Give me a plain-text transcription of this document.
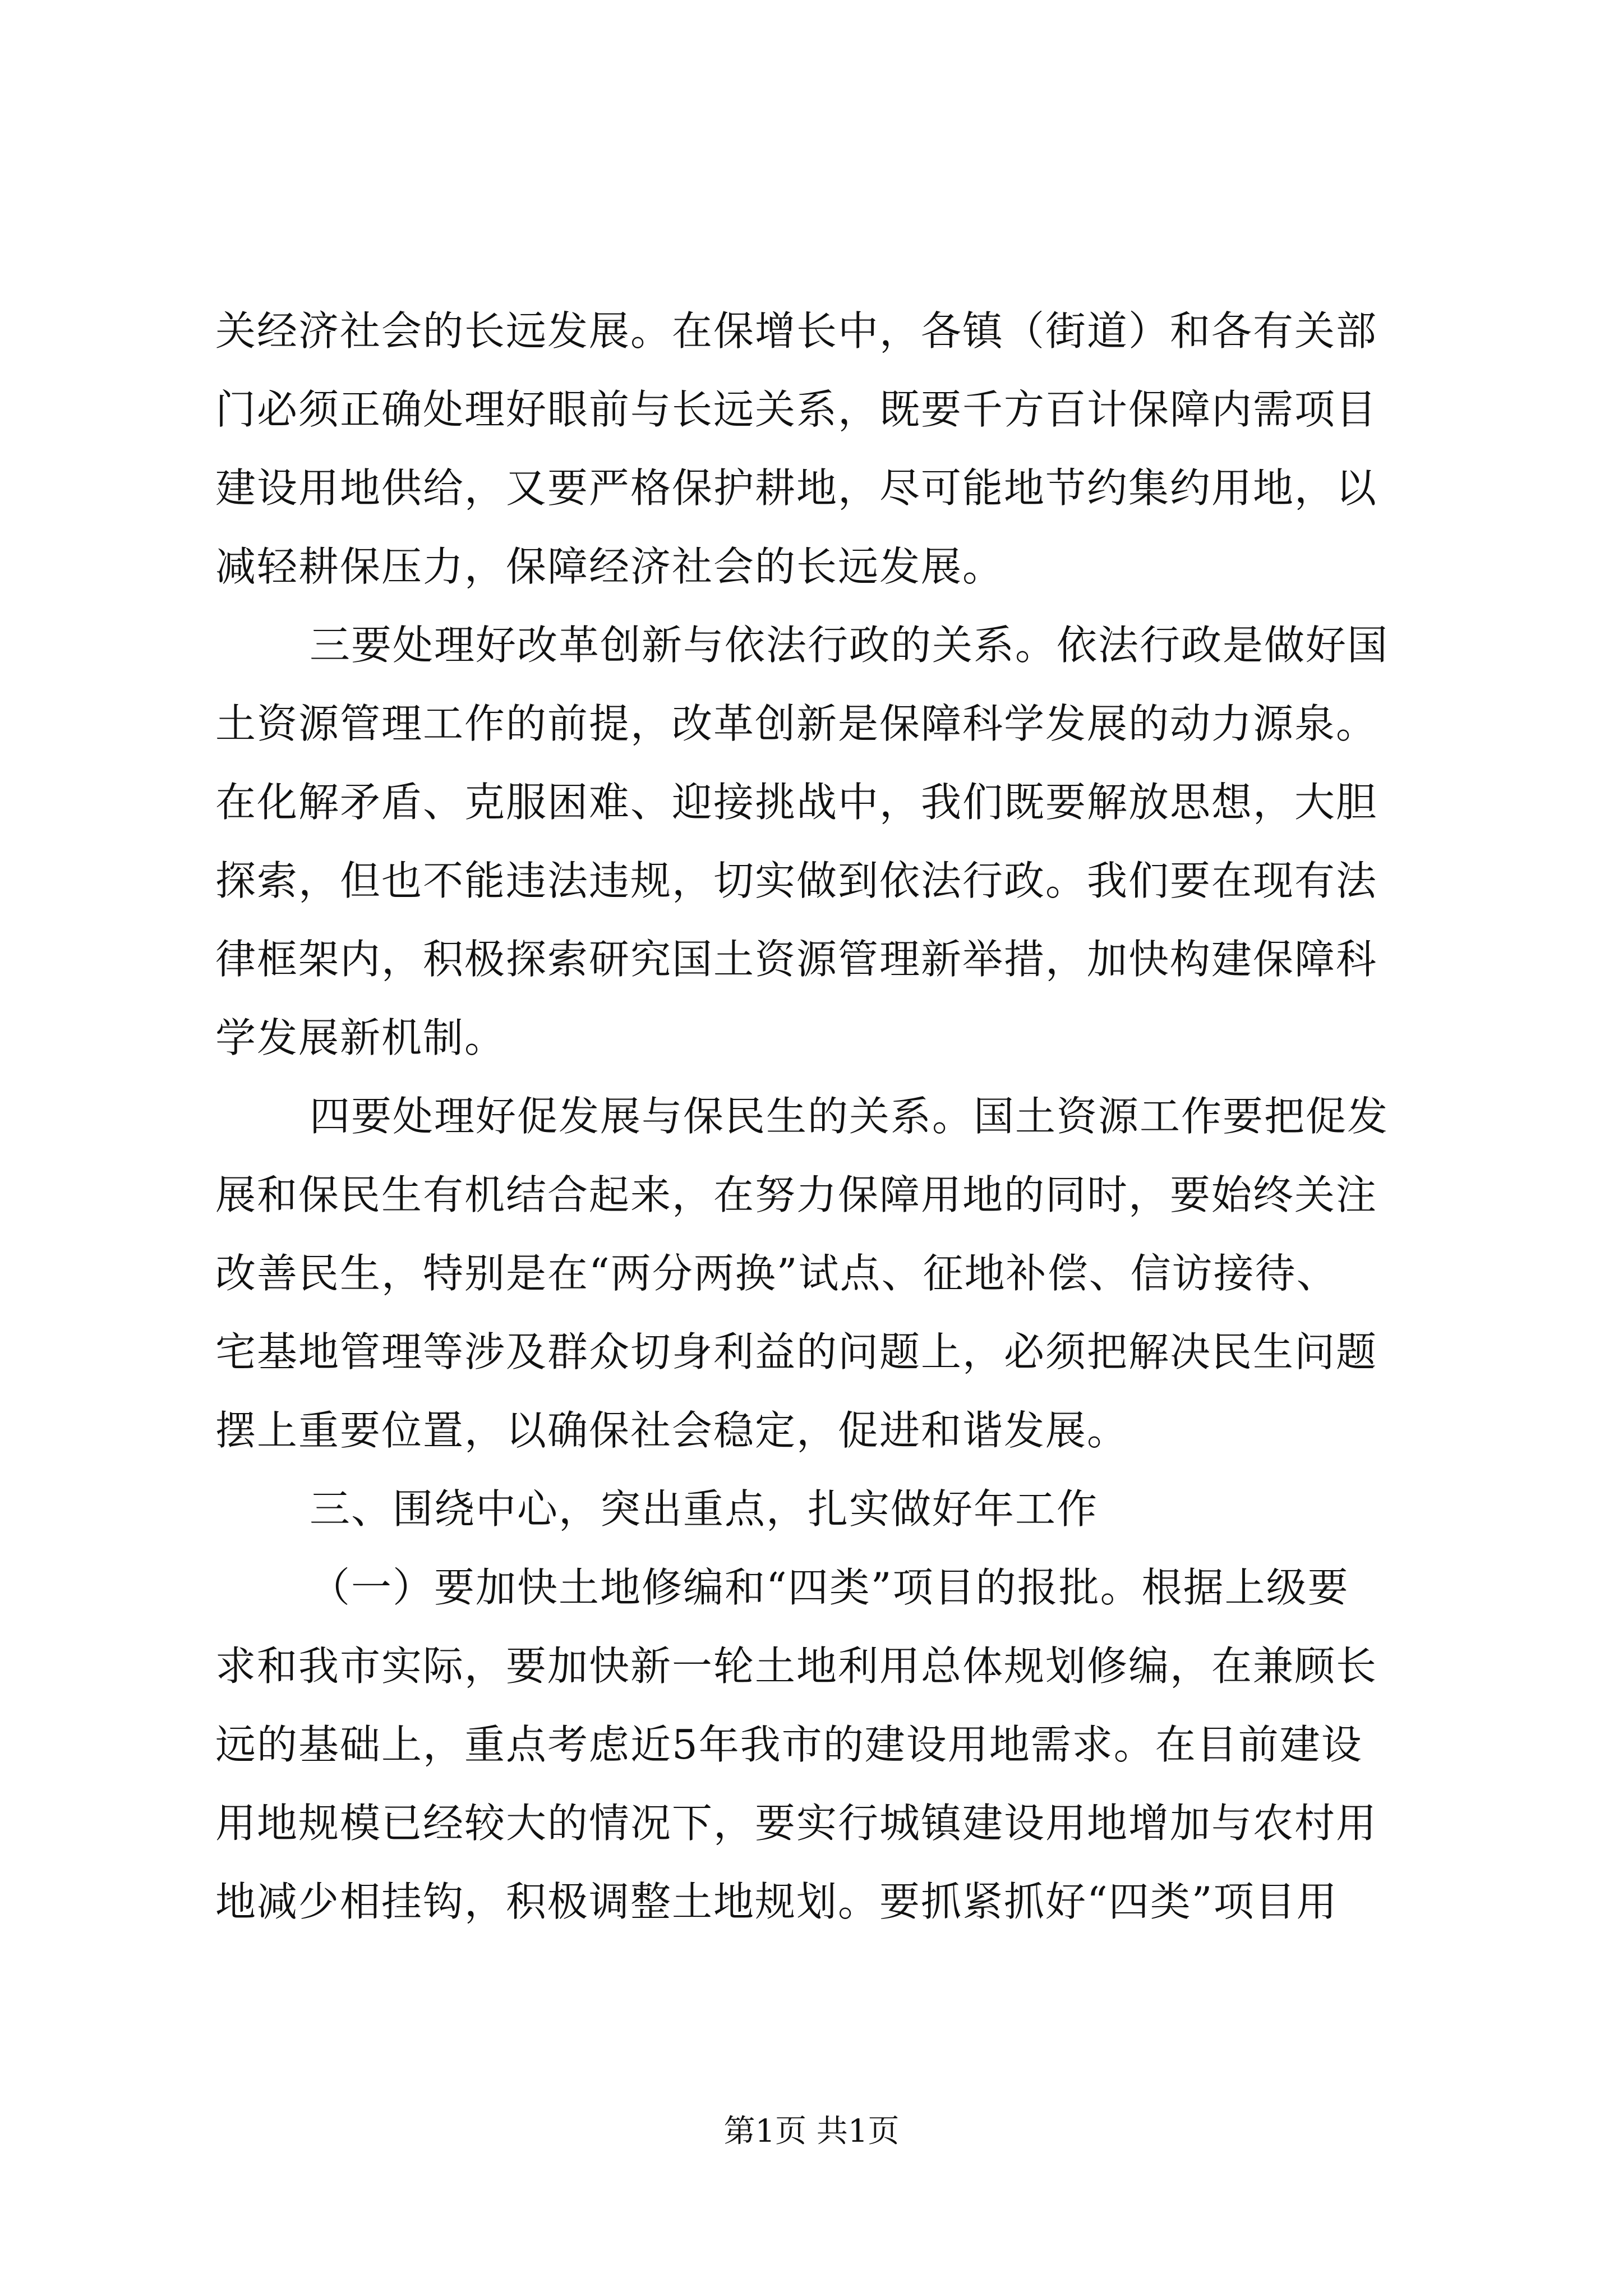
关经济社会的长远发展。在保增长中，各镇（街道）和各有关部
门必须正确处理好眼前与长远关系，既要千方百计保障内需项目
建设用地供给，又要严格保护耕地，尽可能地节约集约用地，以
减轻耕保压力，保障经济社会的长远发展。
三要处理好改革创新与依法行政的关系。依法行政是做好国
土资源管理工作的前提，改革创新是保障科学发展的动力源泉。
在化解矛盾、克服困难、迎接挑战中，我们既要解放思想，大胆
探索，但也不能违法违规，切实做到依法行政。我们要在现有法
律框架内，积极探索研究国土资源管理新举措，加快构建保障科
学发展新机制。
四要处理好促发展与保民生的关系。国土资源工作要把促发
展和保民生有机结合起来，在努力保障用地的同时，要始终关注
改善民生，特别是在“两分两换”试点、征地补偿、信访接待、
宅基地管理等涉及群众切身利益的问题上，必须把解决民生问题
摆上重要位置，以确保社会稳定，促进和谐发展。
三、围绕中心，突出重点，扎实做好年工作
（一）要加快土地修编和“四类”项目的报批。根据上级要
求和我市实际，要加快新一轮土地利用总体规划修编，在兼顾长
远的基础上，重点考虑近5年我市的建设用地需求。在目前建设
用地规模已经较大的情况下，要实行城镇建设用地增加与农村用
地减少相挂钩，积极调整土地规划。要抓紧抓好“四类”项目用
第1页 共1页
